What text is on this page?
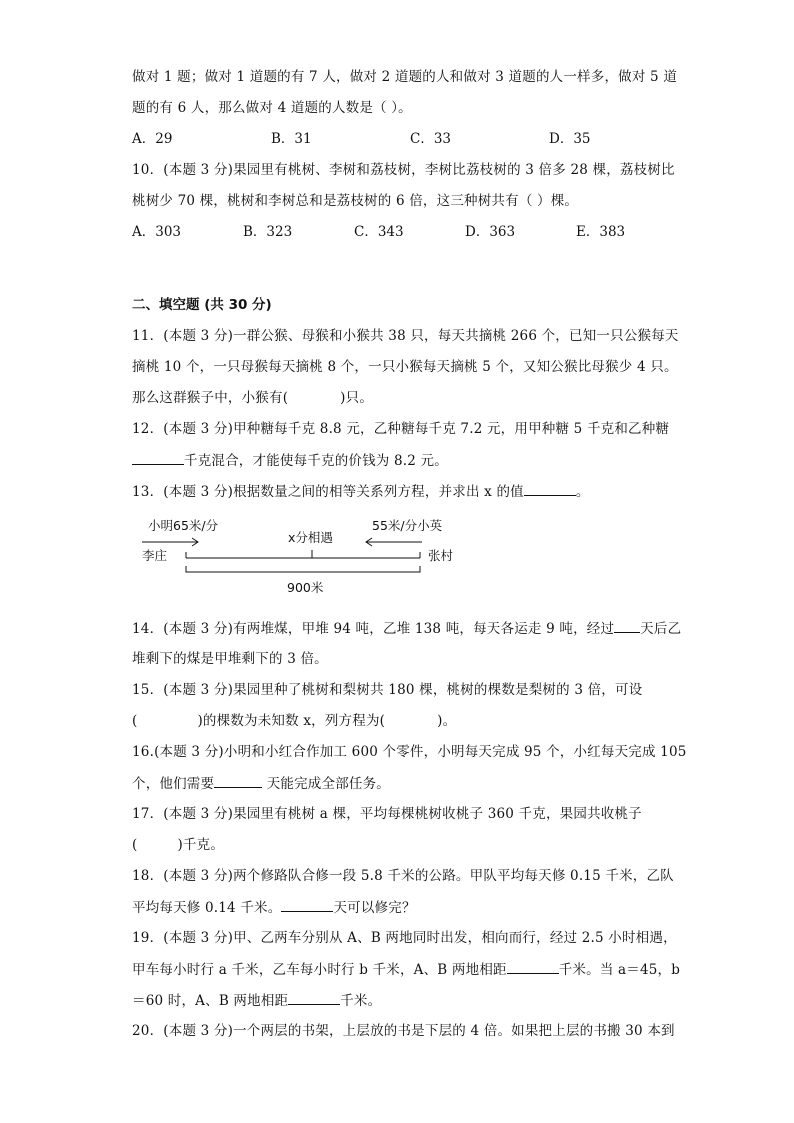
做对 1 题；做对 1 道题的有 7 人，做对 2 道题的人和做对 3 道题的人一样多，做对 5 道
题的有 6 人，那么做对 4 道题的人数是（ ）。
A．29	B．31	C．33	D．35
10．(本题 3 分)果园里有桃树、李树和荔枝树，李树比荔枝树的 3 倍多 28 棵，荔枝树比
桃树少 70 棵，桃树和李树总和是荔枝树的 6 倍，这三种树共有（ ）棵。
A．303	B．323	C．343	D．363	E．383
二、填空题 (共 30 分)
11．(本题 3 分)一群公猴、母猴和小猴共 38 只，每天共摘桃 266 个，已知一只公猴每天
摘桃 10 个，一只母猴每天摘桃 8 个，一只小猴每天摘桃 5 个，又知公猴比母猴少 4 只。
那么这群猴子中，小猴有(	)只。
12．(本题 3 分)甲种糖每千克 8.8 元，乙种糖每千克 7.2 元，用甲种糖 5 千克和乙种糖
千克混合，才能使每千克的价钱为 8.2 元。
13．(本题 3 分)根据数量之间的相等关系列方程，并求出 x 的值	。
小明65米/分	55米/分小英
x分相遇
李庄	张村
900米
14．(本题 3 分)有两堆煤，甲堆 94 吨，乙堆 138 吨，每天各运走 9 吨，经过 天后乙
堆剩下的煤是甲堆剩下的 3 倍。
15．(本题 3 分)果园里种了桃树和梨树共 180 棵，桃树的棵数是梨树的 3 倍，可设
(	)的棵数为未知数 x，列方程为(	)。
16.(本题 3 分)小明和小红合作加工 600 个零件，小明每天完成 95 个，小红每天完成 105
个，他们需要	天能完成全部任务。
17．(本题 3 分)果园里有桃树 a 棵，平均每棵桃树收桃子 360 千克，果园共收桃子
(	)千克。
18．(本题 3 分)两个修路队合修一段 5.8 千米的公路。甲队平均每天修 0.15 千米，乙队
平均每天修 0.14 千米。	天可以修完？
19．(本题 3 分)甲、乙两车分别从 A、B 两地同时出发，相向而行，经过 2.5 小时相遇，
甲车每小时行 a 千米，乙车每小时行 b 千米，A、B 两地相距	千米。当 a＝45，b
＝60 时，A、B 两地相距	千米。
20．(本题 3 分)一个两层的书架，上层放的书是下层的 4 倍。如果把上层的书搬 30 本到
